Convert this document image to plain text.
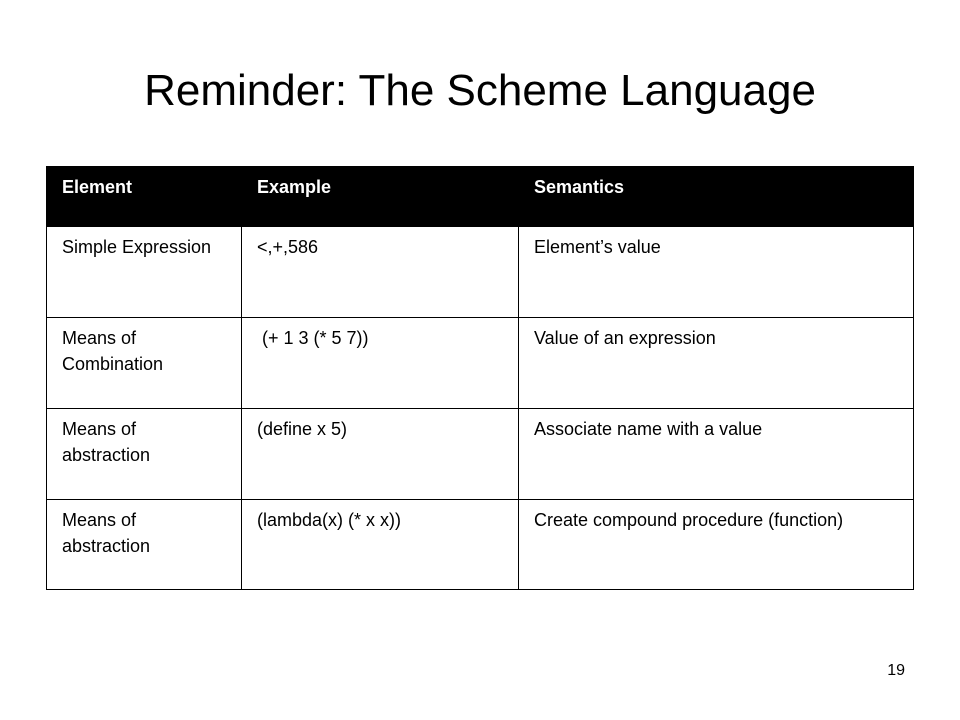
Reminder: The Scheme Language
Element	Example	Semantics
Simple Expression	<,+,586	Element’s value
Means of Combination	(+ 1 3 (* 5 7))	Value of an expression
Means of abstraction	(define x 5)	Associate name with a value
Means of abstraction	(lambda(x) (* x x))	Create compound procedure (function)
19
